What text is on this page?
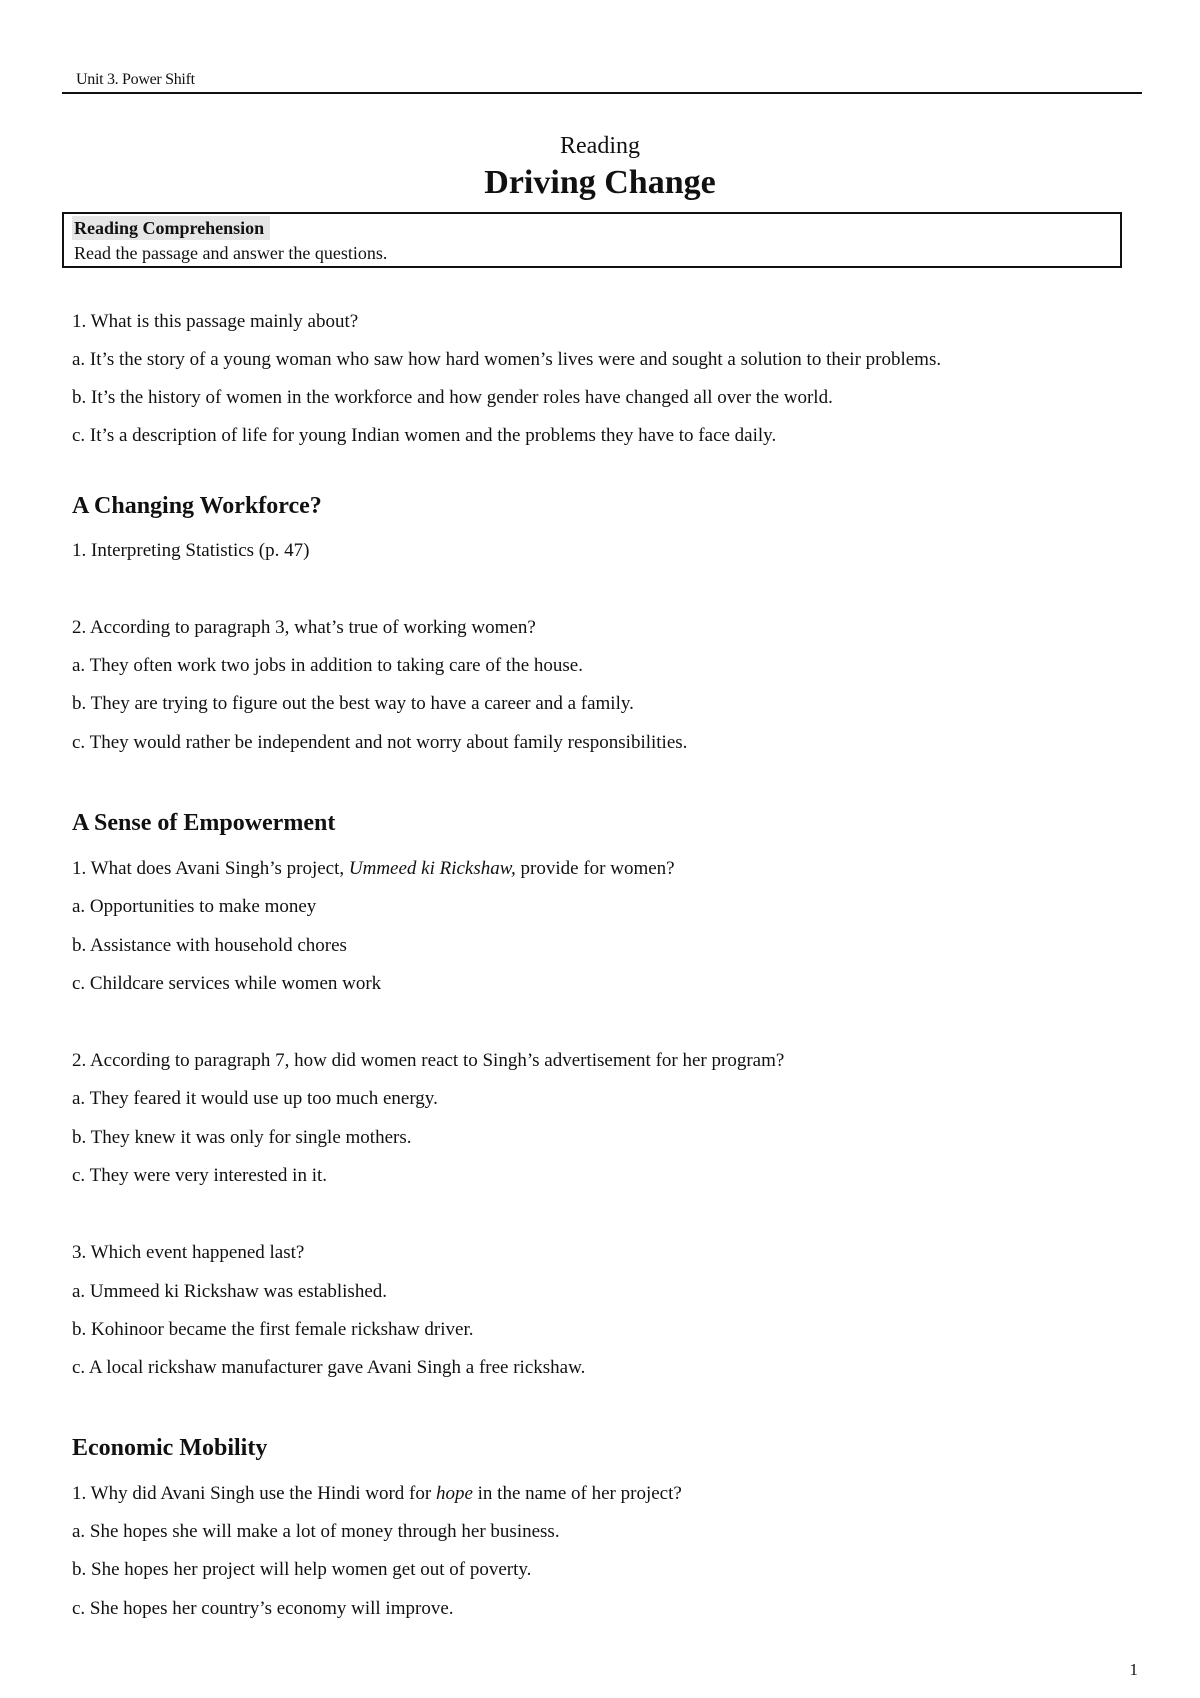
Unit 3. Power Shift
Reading
Driving Change
Reading Comprehension
Read the passage and answer the questions.
1. What is this passage mainly about?
a. It’s the story of a young woman who saw how hard women’s lives were and sought a solution to their problems.
b. It’s the history of women in the workforce and how gender roles have changed all over the world.
c. It’s a description of life for young Indian women and the problems they have to face daily.
A Changing Workforce?
1. Interpreting Statistics (p. 47)
2. According to paragraph 3, what’s true of working women?
a. They often work two jobs in addition to taking care of the house.
b. They are trying to figure out the best way to have a career and a family.
c. They would rather be independent and not worry about family responsibilities.
A Sense of Empowerment
1. What does Avani Singh’s project, Ummeed ki Rickshaw, provide for women?
a. Opportunities to make money
b. Assistance with household chores
c. Childcare services while women work
2. According to paragraph 7, how did women react to Singh’s advertisement for her program?
a. They feared it would use up too much energy.
b. They knew it was only for single mothers.
c. They were very interested in it.
3. Which event happened last?
a. Ummeed ki Rickshaw was established.
b. Kohinoor became the first female rickshaw driver.
c. A local rickshaw manufacturer gave Avani Singh a free rickshaw.
Economic Mobility
1. Why did Avani Singh use the Hindi word for hope in the name of her project?
a. She hopes she will make a lot of money through her business.
b. She hopes her project will help women get out of poverty.
c. She hopes her country’s economy will improve.
1
